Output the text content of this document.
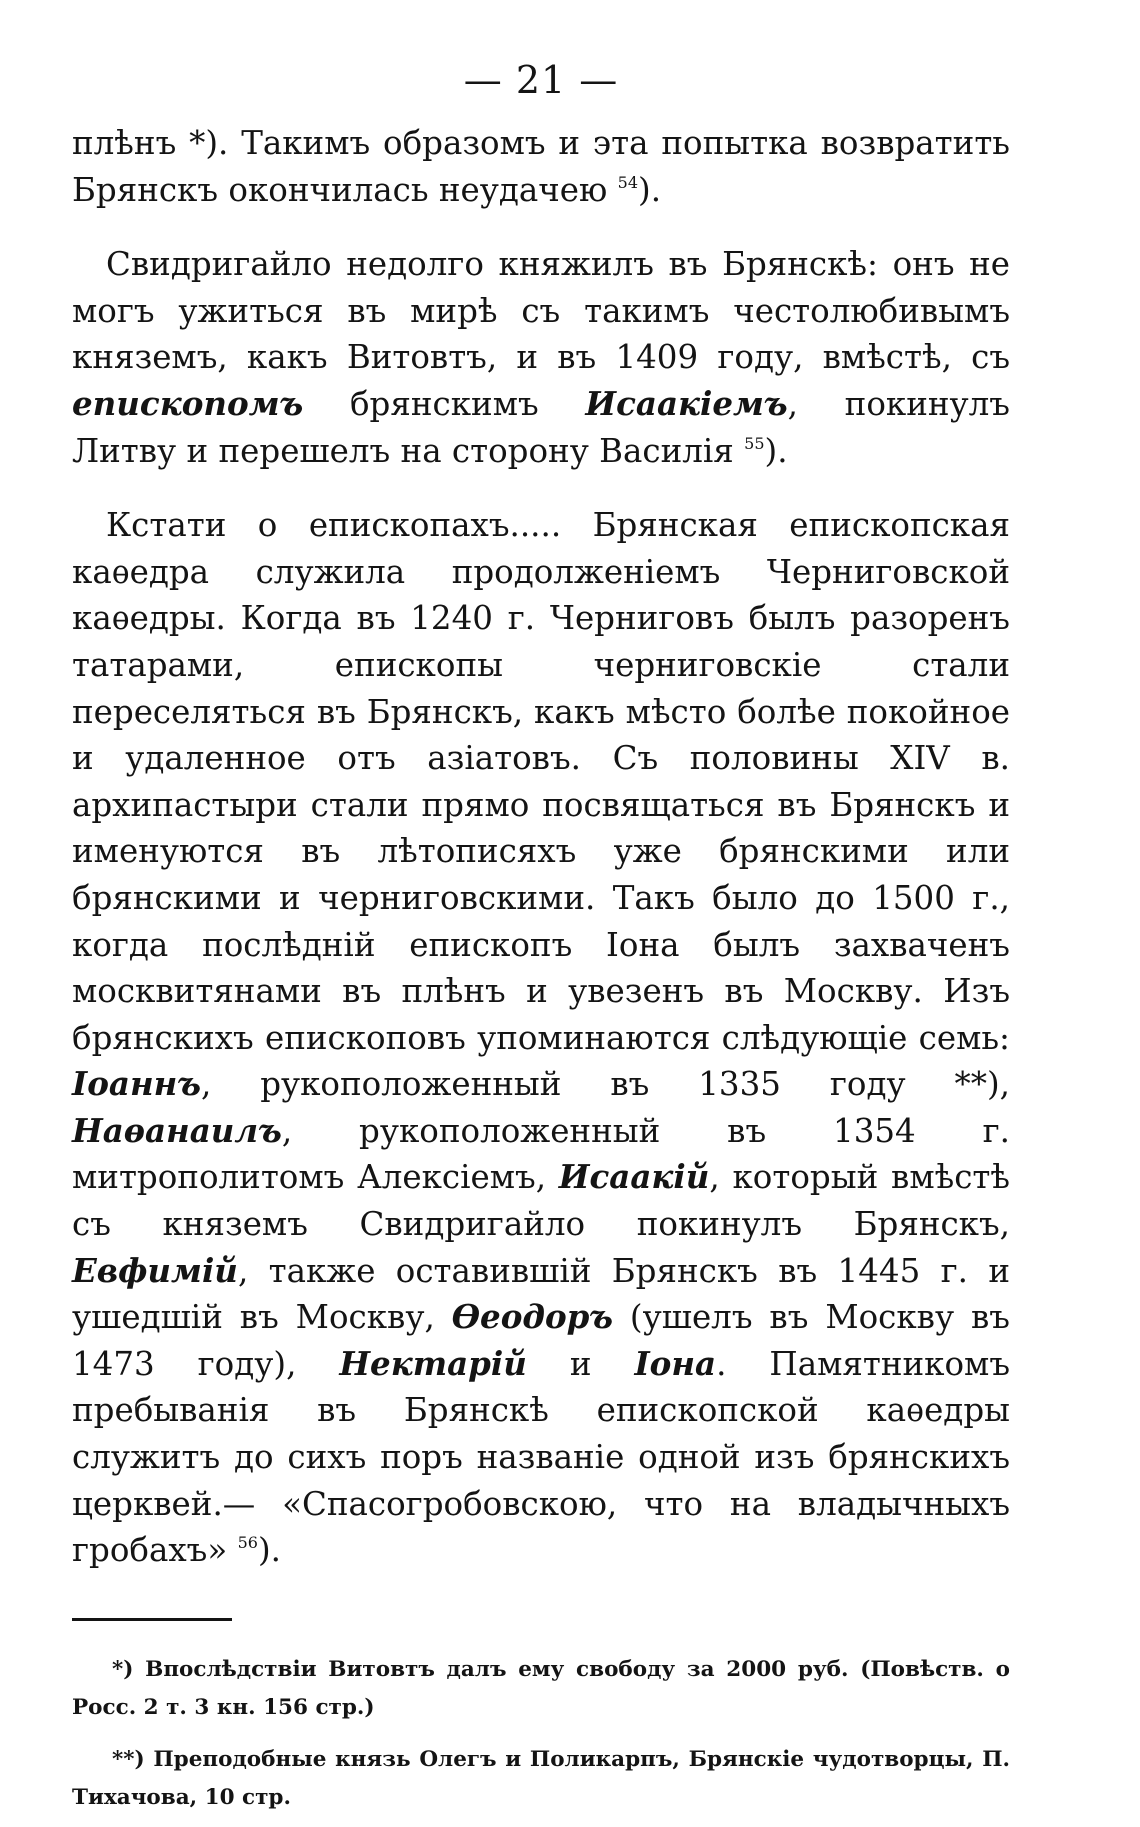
— 21 —

плѣнъ *). Такимъ образомъ и эта попытка возвратить Брянскъ окончилась неудачею $^{54}$).

Свидригайло недолго княжилъ въ Брянскѣ: онъ не могъ ужиться въ мирѣ съ такимъ честолюбивымъ княземъ, какъ Витовтъ, и въ 1409 году, вмѣстѣ, съ епископомъ брянскимъ Исаакіемъ, покинулъ Литву и перешелъ на сторону Василія $^{55}$).

Кстати о епископахъ..... Брянская епископская каѳедра служила продолженіемъ Черниговской каѳедры. Когда въ 1240 г. Черниговъ былъ разоренъ татарами, епископы черниговскіе стали переселяться въ Брянскъ, какъ мѣсто болѣе покойное и удаленное отъ азіатовъ. Съ половины XIV в. архипастыри стали прямо посвящаться въ Брянскъ и именуются въ лѣтописяхъ уже брянскими или брянскими и черниговскими. Такъ было до 1500 г., когда послѣдній епископъ Іона былъ захваченъ москвитянами въ плѣнъ и увезенъ въ Москву. Изъ брянскихъ епископовъ упоминаются слѣдующіе семь: Іоаннъ, рукоположенный въ 1335 году **), Наѳанаилъ, рукоположенный въ 1354 г. митрополитомъ Алексіемъ, Исаакій, который вмѣстѣ съ княземъ Свидригайло покинулъ Брянскъ, Евфимій, также оставившій Брянскъ въ 1445 г. и ушедшій въ Москву, Ѳеодоръ (ушелъ въ Москву въ 1473 году), Нектарій и Іона. Памятникомъ пребыванія въ Брянскѣ епископской каѳедры служитъ до сихъ поръ названіе одной изъ брянскихъ церквей.— «Спасогробовскою, что на владычныхъ гробахъ» $^{56}$).

*) Впослѣдствіи Витовтъ далъ ему свободу за 2000 руб. (Повѣств. о Росс. 2 т. 3 кн. 156 стр.)

**) Преподобные князь Олегъ и Поликарпъ, Брянскіе чудотворцы, П. Тихачова, 10 стр.
